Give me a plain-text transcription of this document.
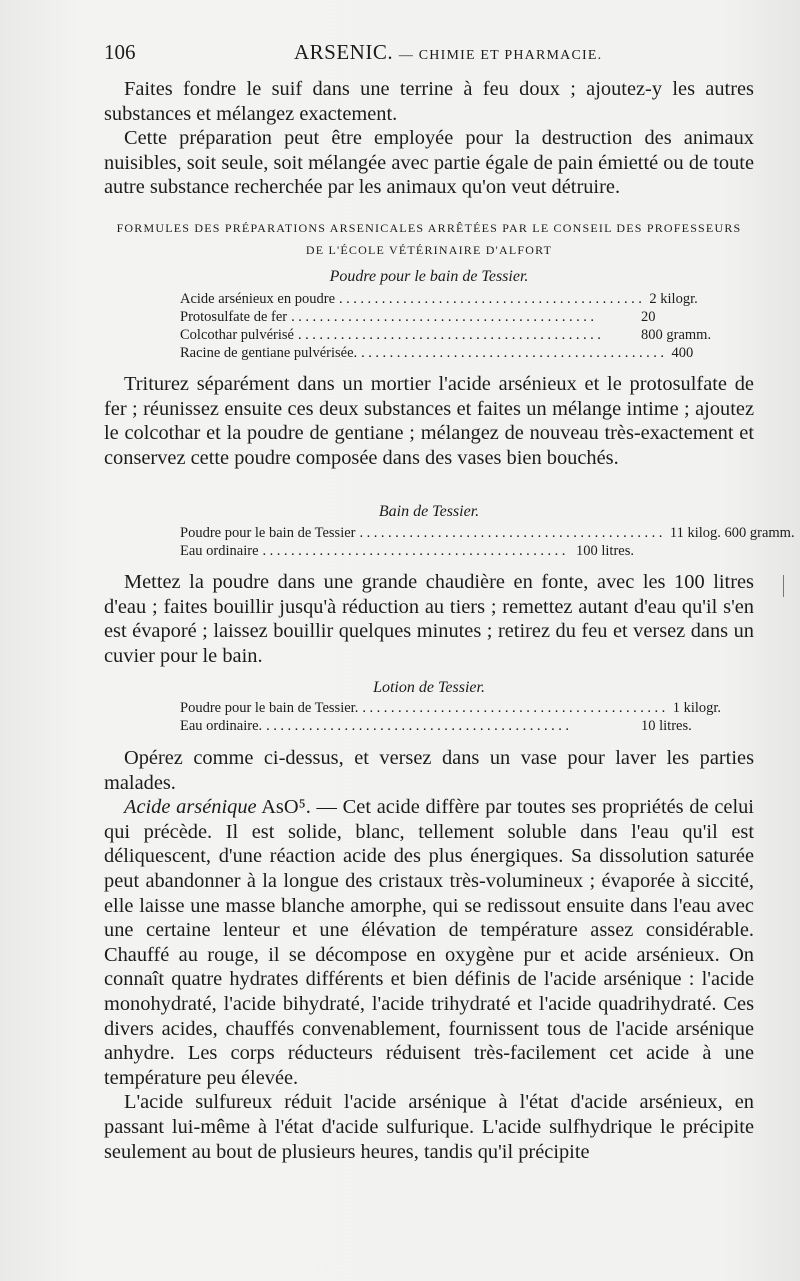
106	ARSENIC. — CHIMIE ET PHARMACIE.

Faites fondre le suif dans une terrine à feu doux ; ajoutez-y les autres substances et mélangez exactement.

Cette préparation peut être employée pour la destruction des animaux nuisibles, soit seule, soit mélangée avec partie égale de pain émietté ou de toute autre substance recherchée par les animaux qu'on veut détruire.

FORMULES DES PRÉPARATIONS ARSENICALES ARRÊTÉES PAR LE CONSEIL DES PROFESSEURS
DE L'ÉCOLE VÉTÉRINAIRE D'ALFORT
Poudre pour le bain de Tessier.
Acide arsénieux en poudre ........................................... 2 kilogr.
Protosulfate de fer ...........................................	20
Colcothar pulvérisé ...........................................	800 gramm.
Racine de gentiane pulvérisée. ........................................... 400

Triturez séparément dans un mortier l'acide arsénieux et le protosulfate de fer ; réunissez ensuite ces deux substances et faites un mélange intime ; ajoutez le colcothar et la poudre de gentiane ; mélangez de nouveau très-exactement et conservez cette poudre composée dans des vases bien bouchés.

Bain de Tessier.
Poudre pour le bain de Tessier ........................................... 11 kilog. 600 gramm.
Eau ordinaire ........................................... 100 litres.

Mettez la poudre dans une grande chaudière en fonte, avec les 100 litres d'eau ; faites bouillir jusqu'à réduction au tiers ; remettez autant d'eau qu'il s'en est évaporé ; laissez bouillir quelques minutes ; retirez du feu et versez dans un cuvier pour le bain.

Lotion de Tessier.
Poudre pour le bain de Tessier. ........................................... 1 kilogr.
Eau ordinaire. ...........................................	10 litres.

Opérez comme ci-dessus, et versez dans un vase pour laver les parties malades.

Acide arsénique AsO⁵. — Cet acide diffère par toutes ses propriétés de celui qui précède. Il est solide, blanc, tellement soluble dans l'eau qu'il est déliquescent, d'une réaction acide des plus énergiques. Sa dissolution saturée peut abandonner à la longue des cristaux très-volumineux ; évaporée à siccité, elle laisse une masse blanche amorphe, qui se redissout ensuite dans l'eau avec une certaine lenteur et une élévation de température assez considérable. Chauffé au rouge, il se décompose en oxygène pur et acide arsénieux. On connaît quatre hydrates différents et bien définis de l'acide arsénique : l'acide monohydraté, l'acide bihydraté, l'acide trihydraté et l'acide quadrihydraté. Ces divers acides, chauffés convenablement, fournissent tous de l'acide arsénique anhydre. Les corps réducteurs réduisent très-facilement cet acide à une température peu élevée.

L'acide sulfureux réduit l'acide arsénique à l'état d'acide arsénieux, en passant lui-même à l'état d'acide sulfurique. L'acide sulfhydrique le précipite seulement au bout de plusieurs heures, tandis qu'il précipite
